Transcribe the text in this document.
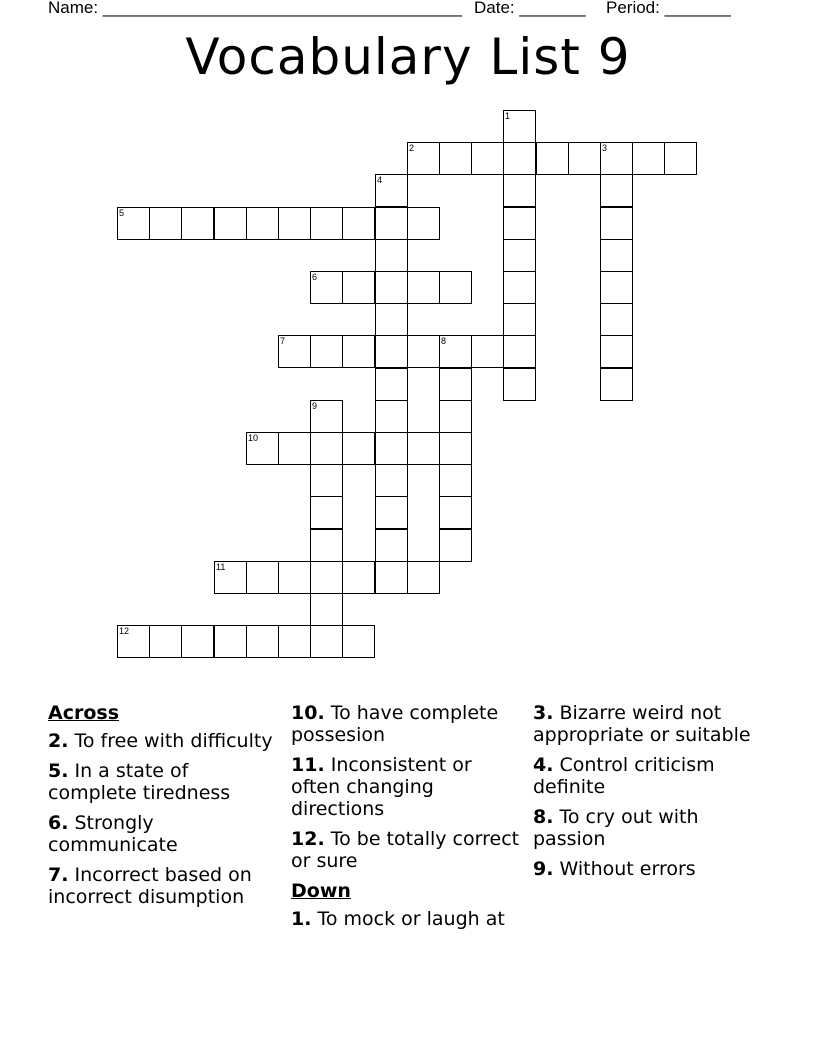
Name: ______________________________________ Date: _______ Period: _______
Vocabulary List 9
1
2	3
4
5
6
7	8
9
10
11
12
Across
2. To free with difficulty
5. In a state of complete tiredness
6. Strongly communicate
7. Incorrect based on incorrect disumption
10. To have complete possesion
11. Inconsistent or often changing directions
12. To be totally correct or sure
Down
1. To mock or laugh at
3. Bizarre weird not appropriate or suitable
4. Control criticism definite
8. To cry out with passion
9. Without errors
